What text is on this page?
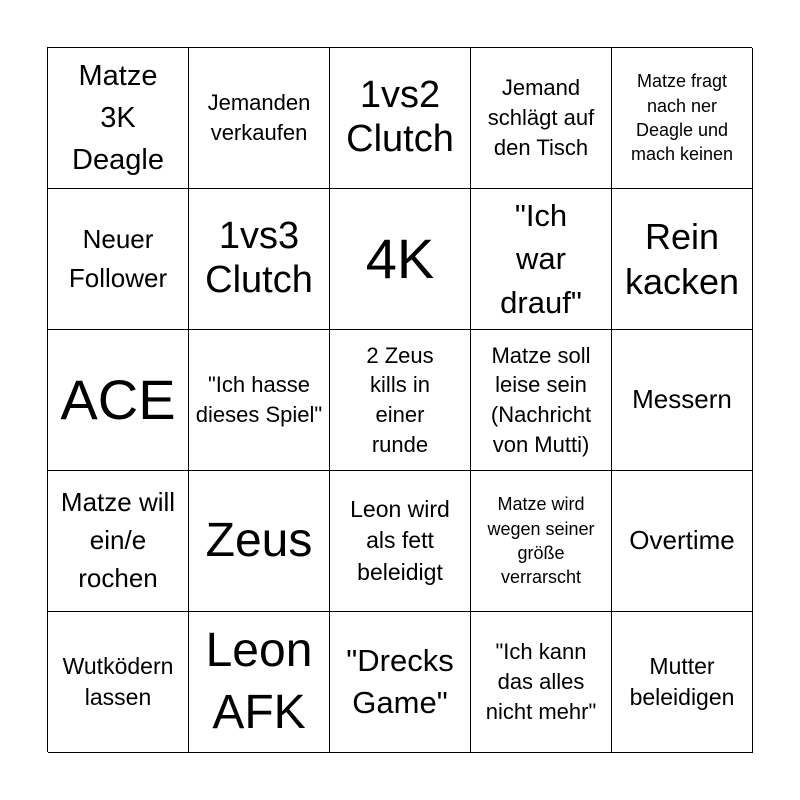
Matze 3K Deagle
Jemanden verkaufen
1vs2 Clutch
Jemand schlägt auf den Tisch
Matze fragt nach ner Deagle und mach keinen
Neuer Follower
1vs3 Clutch 4K
"Ich war drauf"
Rein kacken
ACE	"Ich hasse dieses Spiel"
2 Zeus kills in einer runde
Matze soll leise sein (Nachricht von Mutti)
Messern
Matze will ein/e rochen
Zeus
Leon wird als fett beleidigt
Matze wird wegen seiner größe verrarscht
Overtime
Wutködern lassen
Leon AFK
"Drecks Game"
"Ich kann das alles nicht mehr"
Mutter beleidigen
